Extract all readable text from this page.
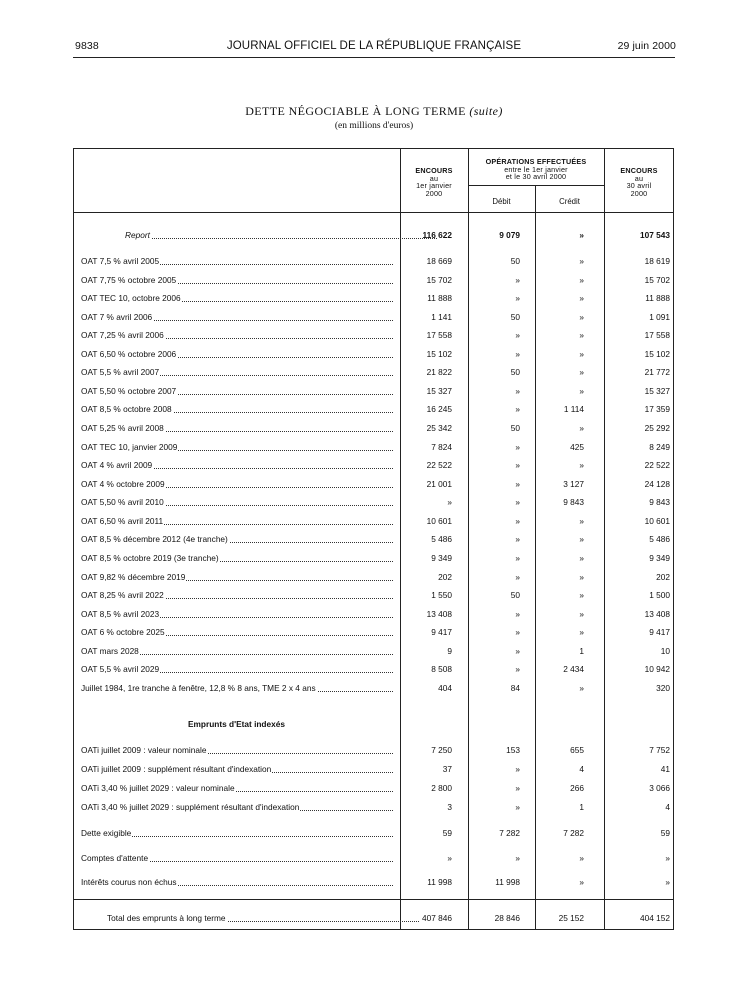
9838	JOURNAL OFFICIEL DE LA RÉPUBLIQUE FRANÇAISE	29 juin 2000
DETTE NÉGOCIABLE À LONG TERME (suite)
(en millions d'euros)
ENCOURS
au
1er janvier
2000
OPÉRATIONS EFFECTUÉES
entre le 1er janvier
et le 30 avril 2000
Débit	Crédit
ENCOURS
au
30 avril
2000
Report	116 622	9 079	»	107 543
OAT 7,5 % avril 2005	18 669	50	»	18 619
OAT 7,75 % octobre 2005	15 702	»	»	15 702
OAT TEC 10, octobre 2006	11 888	»	»	11 888
OAT 7 % avril 2006	1 141	50	»	1 091
OAT 7,25 % avril 2006	17 558	»	»	17 558
OAT 6,50 % octobre 2006	15 102	»	»	15 102
OAT 5,5 % avril 2007	21 822	50	»	21 772
OAT 5,50 % octobre 2007	15 327	»	»	15 327
OAT 8,5 % octobre 2008	16 245	»	1 114	17 359
OAT 5,25 % avril 2008	25 342	50	»	25 292
OAT TEC 10, janvier 2009	7 824	»	425	8 249
OAT 4 % avril 2009	22 522	»	»	22 522
OAT 4 % octobre 2009	21 001	»	3 127	24 128
OAT 5,50 % avril 2010	»	»	9 843	9 843
OAT 6,50 % avril 2011	10 601	»	»	10 601
OAT 8,5 % décembre 2012 (4e tranche)	5 486	»	»	5 486
OAT 8,5 % octobre 2019 (3e tranche)	9 349	»	»	9 349
OAT 9,82 % décembre 2019	202	»	»	202
OAT 8,25 % avril 2022	1 550	50	»	1 500
OAT 8,5 % avril 2023	13 408	»	»	13 408
OAT 6 % octobre 2025	9 417	»	»	9 417
OAT mars 2028	9	»	1	10
OAT 5,5 % avril 2029	8 508	»	2 434	10 942
Juillet 1984, 1re tranche à fenêtre, 12,8 % 8 ans, TME 2 x 4 ans	404	84	»	320
OATi juillet 2009 : valeur nominale	7 250	153	655	7 752
OATi juillet 2009 : supplément résultant d'indexation	37	»	4	41
OATi 3,40 % juillet 2029 : valeur nominale	2 800	»	266	3 066
OATi 3,40 % juillet 2029 : supplément résultant d'indexation	3	»	1	4
Dette exigible	59	7 282	7 282	59
Comptes d'attente	»	»	»	»
Intérêts courus non échus	11 998	11 998	»	»
Total des emprunts à long terme	407 846	28 846	25 152	404 152
Emprunts d'Etat indexés
